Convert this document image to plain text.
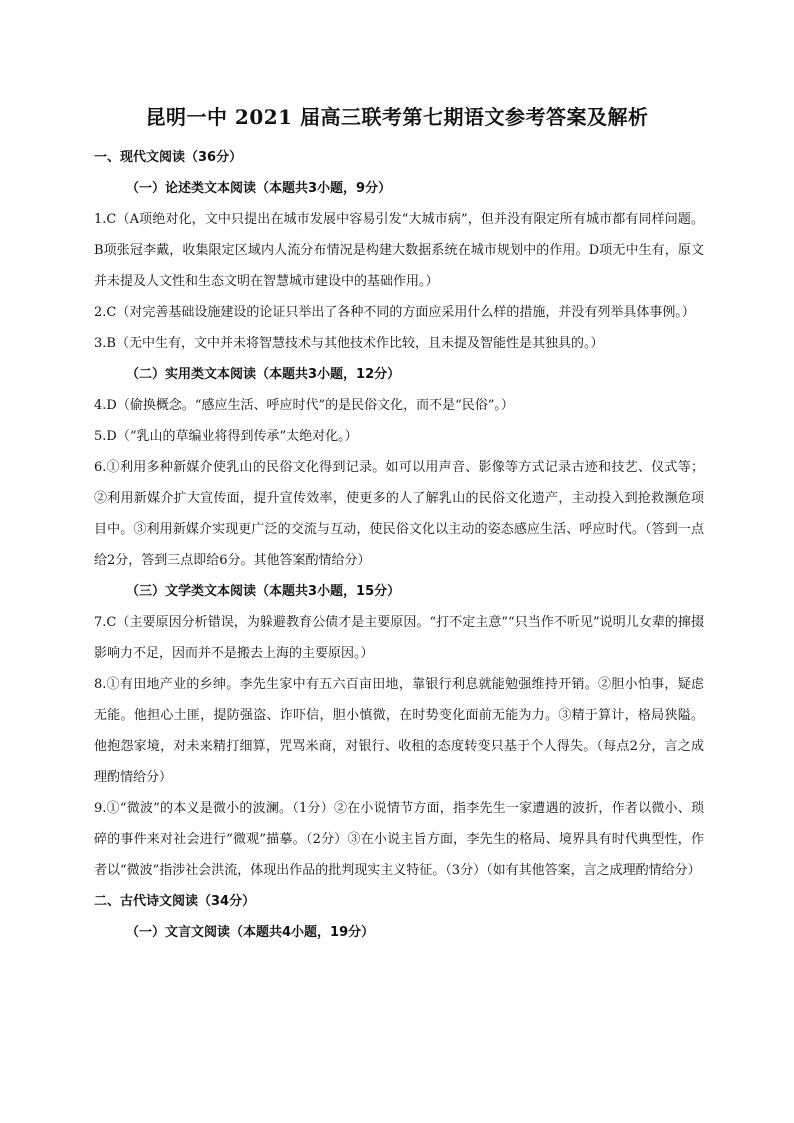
昆明一中 2021 届高三联考第七期语文参考答案及解析

一、现代文阅读（36分）

（一）论述类文本阅读（本题共3小题，9分）

1.C（A项绝对化，文中只提出在城市发展中容易引发“大城市病”，但并没有限定所有城市都有同样问题。B项张冠李戴，收集限定区域内人流分布情况是构建大数据系统在城市规划中的作用。D项无中生有，原文并未提及人文性和生态文明在智慧城市建设中的基础作用。）

2.C（对完善基础设施建设的论证只举出了各种不同的方面应采用什么样的措施，并没有列举具体事例。）

3.B（无中生有，文中并未将智慧技术与其他技术作比较，且未提及智能性是其独具的。）

（二）实用类文本阅读（本题共3小题，12分）

4.D（偷换概念。“感应生活、呼应时代”的是民俗文化，而不是“民俗”。）

5.D（“乳山的草编业将得到传承”太绝对化。）

6.①利用多种新媒介使乳山的民俗文化得到记录。如可以用声音、影像等方式记录古迹和技艺、仪式等；②利用新媒介扩大宣传面，提升宣传效率，使更多的人了解乳山的民俗文化遗产，主动投入到抢救濒危项目中。③利用新媒介实现更广泛的交流与互动，使民俗文化以主动的姿态感应生活、呼应时代。（答到一点给2分，答到三点即给6分。其他答案酌情给分）

（三）文学类文本阅读（本题共3小题，15分）

7.C（主要原因分析错误，为躲避教育公债才是主要原因。“打不定主意”“只当作不听见”说明儿女辈的撺掇影响力不足，因而并不是搬去上海的主要原因。）

8.①有田地产业的乡绅。李先生家中有五六百亩田地，靠银行利息就能勉强维持开销。②胆小怕事，疑虑无能。他担心土匪，提防强盗、诈吓信，胆小慎微，在时势变化面前无能为力。③精于算计，格局狭隘。他抱怨家境，对未来精打细算，咒骂米商，对银行、收租的态度转变只基于个人得失。（每点2分，言之成理酌情给分）

9.①“微波”的本义是微小的波澜。（1分）②在小说情节方面，指李先生一家遭遇的波折，作者以微小、琐碎的事件来对社会进行“微观”描摹。（2分）③在小说主旨方面，李先生的格局、境界具有时代典型性，作者以“微波”指涉社会洪流，体现出作品的批判现实主义特征。（3分）（如有其他答案，言之成理酌情给分）

二、古代诗文阅读（34分）

（一）文言文阅读（本题共4小题，19分）
